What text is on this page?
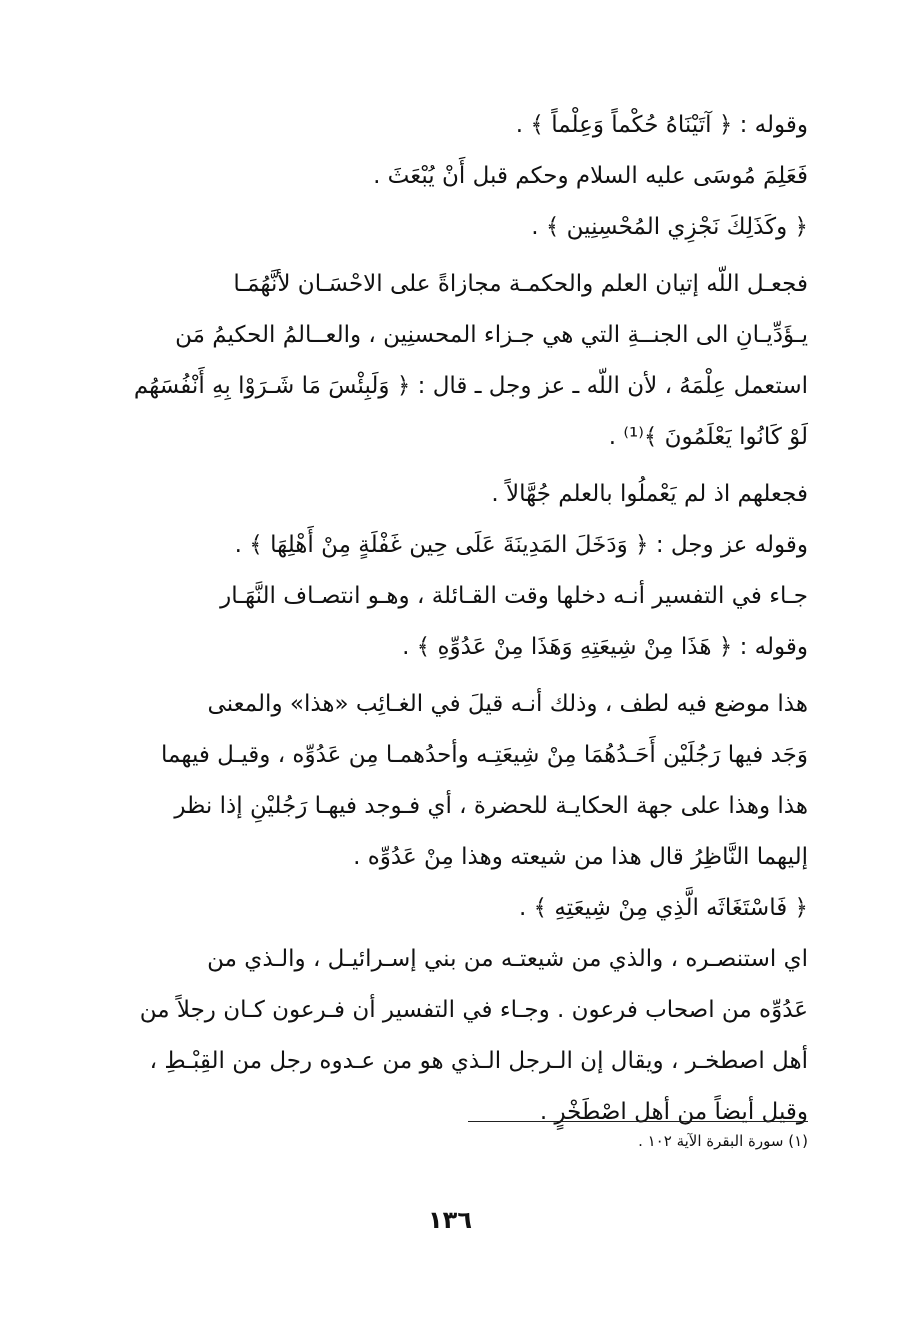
وقوله : ﴿ آتَيْنَاهُ حُكْماً وَعِلْماً ﴾ .

فَعَلِمَ مُوسَى عليه السلام وحكم قبل أَنْ يُبْعَثَ .

﴿ وكَذَلِكَ نَجْزِي المُحْسِنِين ﴾ .

فجعـل اللّه إتيان العلم والحكمـة مجازاةً على الاحْسَـان لأنَّهُمَـا
يـؤَدِّيـانِ الى الجنــةِ التي هي جـزاء المحسنِين ، والعــالمُ الحكيمُ مَن
استعمل عِلْمَهُ ، لأن اللّه ـ عز وجل ـ قال : ﴿ وَلَبِئْسَ مَا شَـرَوْا بِهِ أَنْفُسَهُم
لَوْ كَانُوا يَعْلَمُونَ ﴾⁽¹⁾ .

فجعلهم اذ لم يَعْملُوا بالعلم جُهَّالاً .

وقوله عز وجل : ﴿ وَدَخَلَ المَدِينَةَ عَلَى حِين غَفْلَةٍ مِنْ أَهْلِهَا ﴾ .

جـاء في التفسير أنـه دخلها وقت القـائلة ، وهـو انتصـاف النَّهَـار
وقوله : ﴿ هَذَا مِنْ شِيعَتِهِ وَهَذَا مِنْ عَدُوِّهِ ﴾ .

هذا موضع فيه لطف ، وذلك أنـه قيلَ في الغـائِب «هذا» والمعنى
وَجَد فيها رَجُلَيْن أَحَـدُهُمَا مِنْ شِيعَتِـه وأحدُهمـا مِن عَدُوِّه ، وقيـل فيهما
هذا وهذا على جهة الحكايـة للحضرة ، أي فـوجد فيهـا رَجُليْنِ إذا نظر
إليهما النَّاظِرُ قال هذا من شيعته وهذا مِنْ عَدُوِّه .

﴿ فَاسْتَغَاثَه الَّذِي مِنْ شِيعَتِهِ ﴾ .

اي استنصـره ، والذي من شيعتـه من بني إسـرائيـل ، والـذي من
عَدُوِّه من اصحاب فرعون . وجـاء في التفسير أن فـرعون كـان رجلاً من
أهل اصطخـر ، ويقال إن الـرجل الـذي هو من عـدوه رجل من القِبْـطِ ،
وقيل أيضاً من أهل اصْطَخْرٍ .

(١) سورة البقرة الآية ١٠٢ .
١٣٦
